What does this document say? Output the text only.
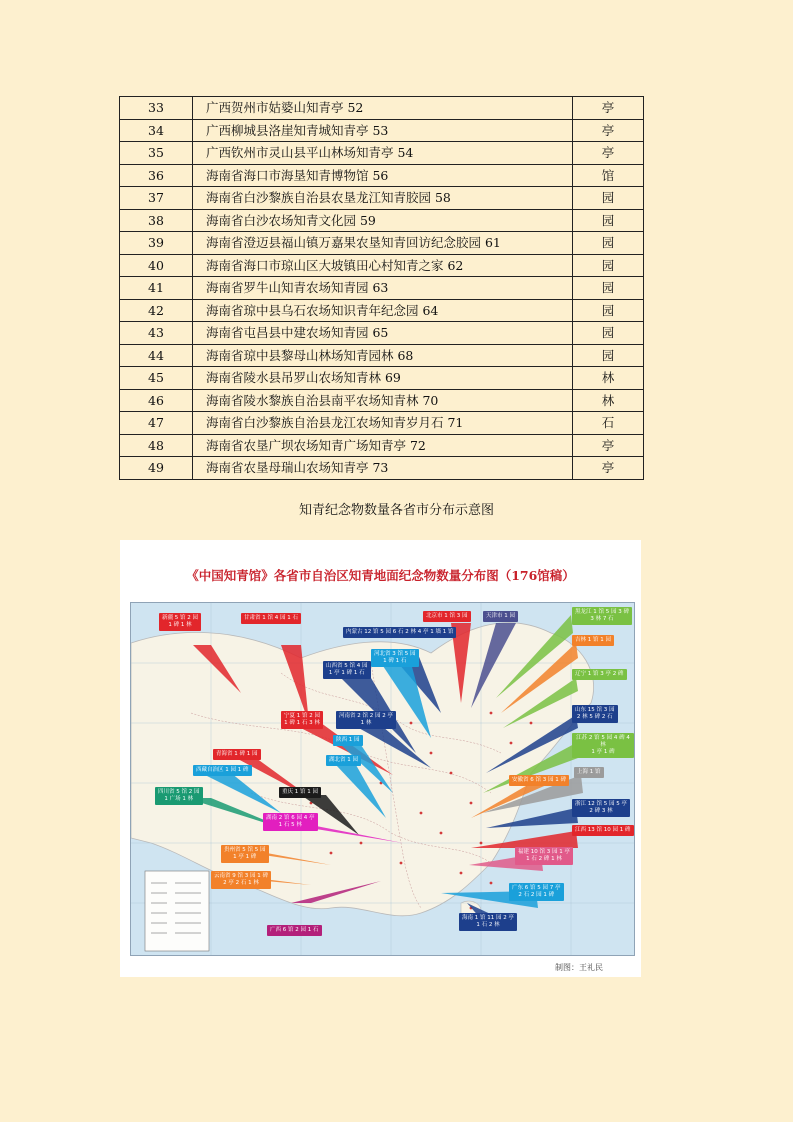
33	广西贺州市姑婆山知青亭 52	亭
34	广西柳城县洛崖知青城知青亭 53	亭
35	广西钦州市灵山县平山林场知青亭 54	亭
36	海南省海口市海垦知青博物馆 56	馆
37	海南省白沙黎族自治县农垦龙江知青胶园 58	园
38	海南省白沙农场知青文化园 59	园
39	海南省澄迈县福山镇万嘉果农垦知青回访纪念胶园 61	园
40	海南省海口市琼山区大坡镇田心村知青之家 62	园
41	海南省罗牛山知青农场知青园 63	园
42	海南省琼中县乌石农场知识青年纪念园 64	园
43	海南省屯昌县中建农场知青园 65	园
44	海南省琼中县黎母山林场知青园林 68	园
45	海南省陵水县吊罗山农场知青林 69	林
46	海南省陵水黎族自治县南平农场知青林 70	林
47	海南省白沙黎族自治县龙江农场知青岁月石 71	石
48	海南省农垦广坝农场知青广场知青亭 72	亭
49	海南省农垦母瑞山农场知青亭 73	亭
知青纪念物数量各省市分布示意图
《中国知青馆》各省市自治区知青地面纪念物数量分布图（176馆稿）
新疆 5 馆 2 园
1 碑 1 林
甘肃省 1 馆 4 园 1 石
内蒙古 12 馆 5 园 6 石 2 林 4 亭 1 墙 1 馆
北京市 1 馆 3 园	天津市 1 园
黑龙江 1 馆 5 园 3 碑
3 林 7 石
吉林 1 馆 1 园
辽宁 1 馆 3 亭 2 碑
山西省 5 馆 4 园
1 亭 1 碑 1 石
河北省 3 馆 5 园
1 碑 1 石
河南省 2 馆 2 园 2 亭
1 林
宁夏 1 馆 2 园
1 碑 1 石 3 林
陕西 1 园
山东 15 馆 3 园
2 林 5 碑 2 石
江苏 2 馆 5 园 4 碑 4 林
1 亭 1 碑
青海省 1 碑 1 园
湖北省 1 园
上海 1 馆
西藏自治区 1 园 1 碑
安徽省 6 馆 3 园 1 碑
浙江 12 馆 5 园 5 亭
2 碑 3 林
四川省 5 馆 2 园
1 广场 1 林
重庆 1 馆 1 园
江西 13 馆 10 园 1 碑
湖南 2 馆 6 园 4 亭
1 石 5 林
贵州省 5 馆 5 园
1 亭 1 碑
福建 10 馆 3 园 1 亭
1 石 2 碑 1 林
云南省 9 馆 3 园 1 碑
2 亭 2 石 1 林
广东 6 馆 5 园 7 亭
2 石 2 园 1 碑
广西 6 馆 2 园 1 石
海南 1 馆 11 园 2 亭
1 石 2 林
制图：王礼民
